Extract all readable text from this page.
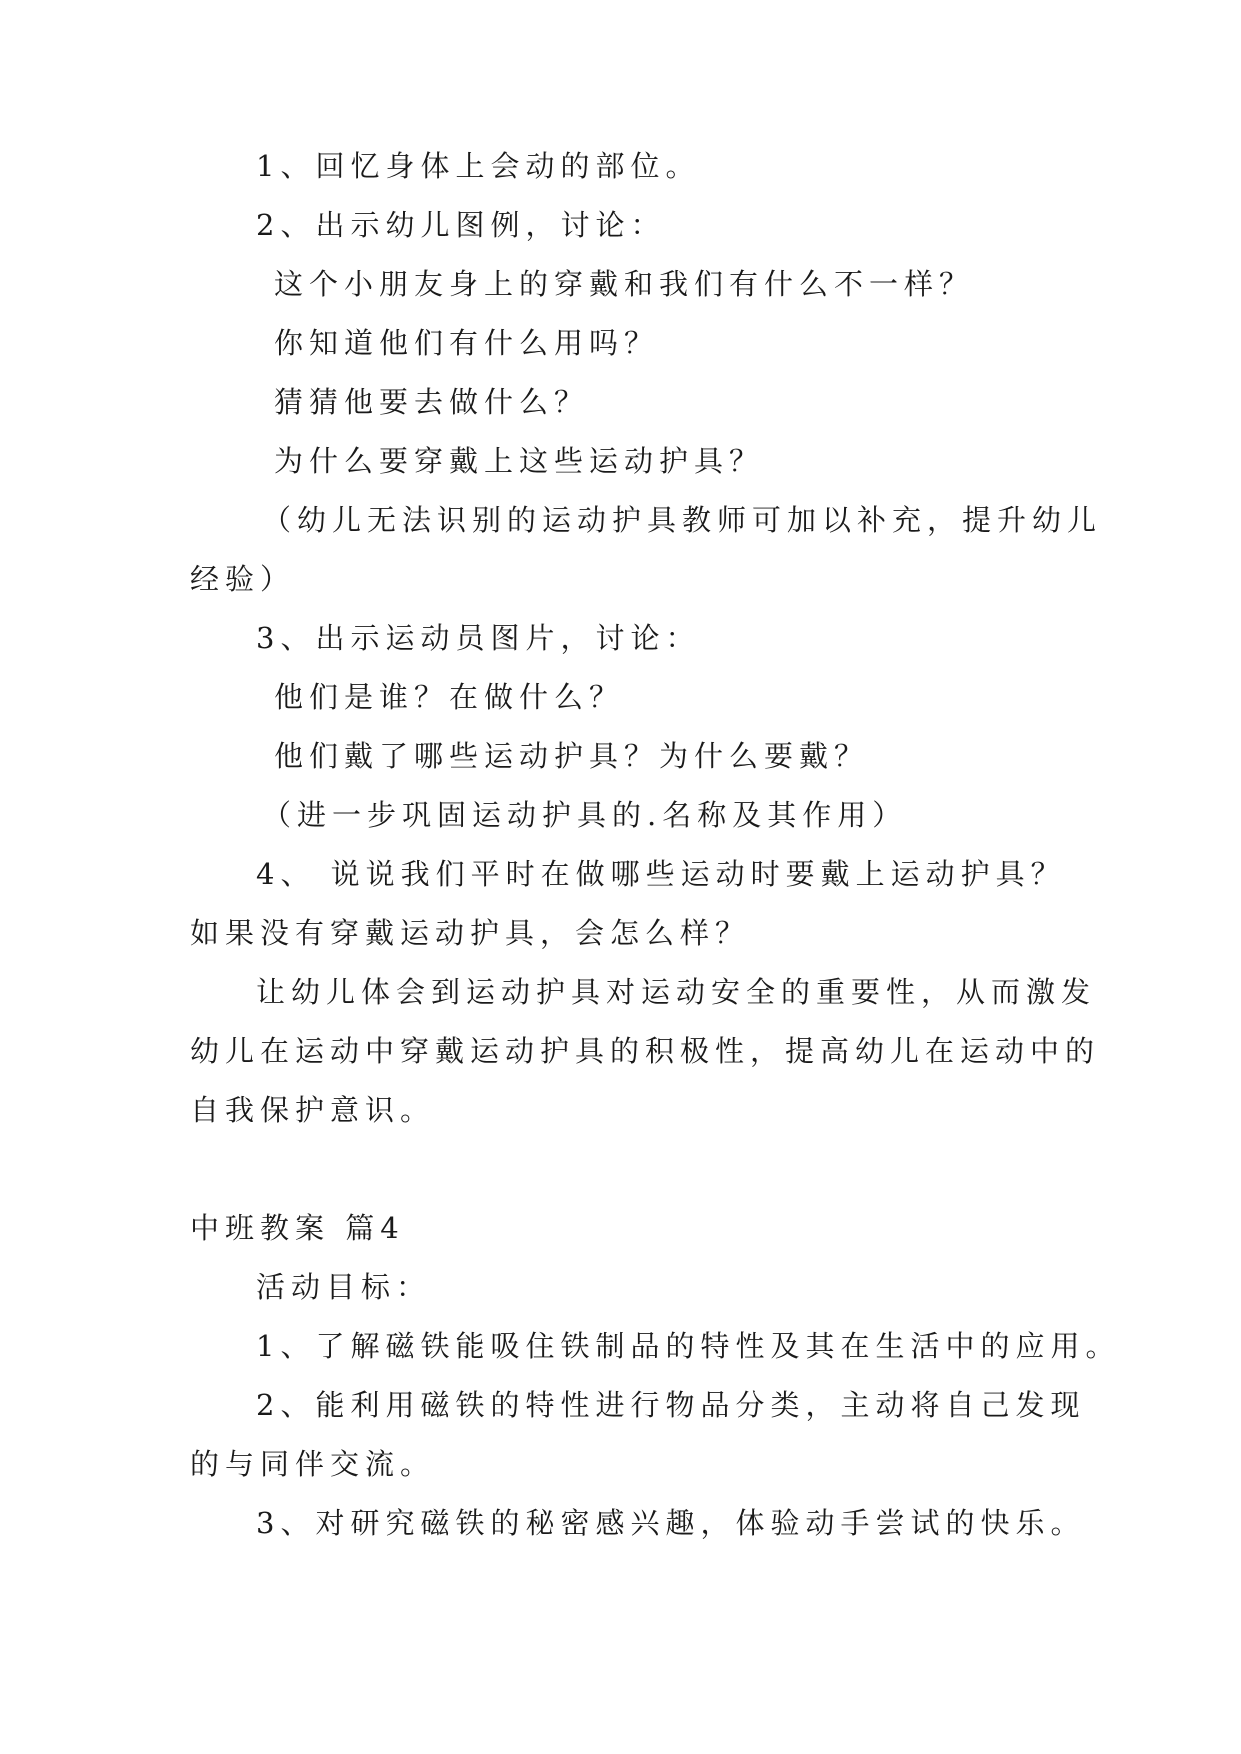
1、回忆身体上会动的部位。
2、出示幼儿图例，讨论：
这个小朋友身上的穿戴和我们有什么不一样？
你知道他们有什么用吗？
猜猜他要去做什么？
为什么要穿戴上这些运动护具？
（幼儿无法识别的运动护具教师可加以补充，提升幼儿
经验）
3、出示运动员图片，讨论：
他们是谁？在做什么？
他们戴了哪些运动护具？为什么要戴？
（进一步巩固运动护具的.名称及其作用）
4、 说说我们平时在做哪些运动时要戴上运动护具？
如果没有穿戴运动护具，会怎么样？
让幼儿体会到运动护具对运动安全的重要性，从而激发
幼儿在运动中穿戴运动护具的积极性，提高幼儿在运动中的
自我保护意识。
中班教案 篇4
活动目标：
1、了解磁铁能吸住铁制品的特性及其在生活中的应用。
2、能利用磁铁的特性进行物品分类，主动将自己发现
的与同伴交流。
3、对研究磁铁的秘密感兴趣，体验动手尝试的快乐。
